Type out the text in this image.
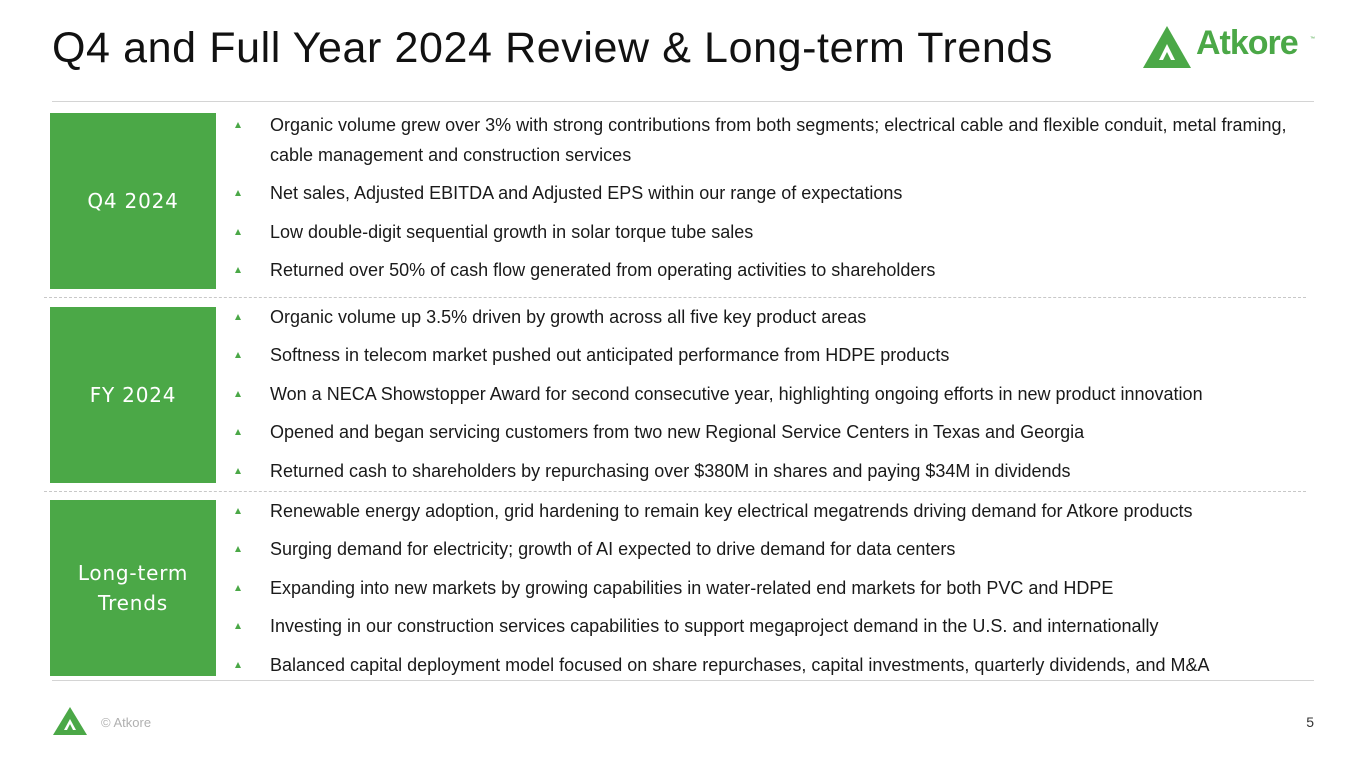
Q4 and Full Year 2024 Review & Long-term Trends	Atkore ™
Q4 2024
Organic volume grew over 3% with strong contributions from both segments; electrical cable and flexible conduit, metal framing, cable management and construction services
Net sales, Adjusted EBITDA and Adjusted EPS within our range of expectations
Low double-digit sequential growth in solar torque tube sales
Returned over 50% of cash flow generated from operating activities to shareholders
FY 2024
Organic volume up 3.5% driven by growth across all five key product areas
Softness in telecom market pushed out anticipated performance from HDPE products
Won a NECA Showstopper Award for second consecutive year, highlighting ongoing efforts in new product innovation
Opened and began servicing customers from two new Regional Service Centers in Texas and Georgia
Returned cash to shareholders by repurchasing over $380M in shares and paying $34M in dividends
Long-term
Trends
Renewable energy adoption, grid hardening to remain key electrical megatrends driving demand for Atkore products
Surging demand for electricity; growth of AI expected to drive demand for data centers
Expanding into new markets by growing capabilities in water-related end markets for both PVC and HDPE
Investing in our construction services capabilities to support megaproject demand in the U.S. and internationally
Balanced capital deployment model focused on share repurchases, capital investments, quarterly dividends, and M&A
© Atkore	5
